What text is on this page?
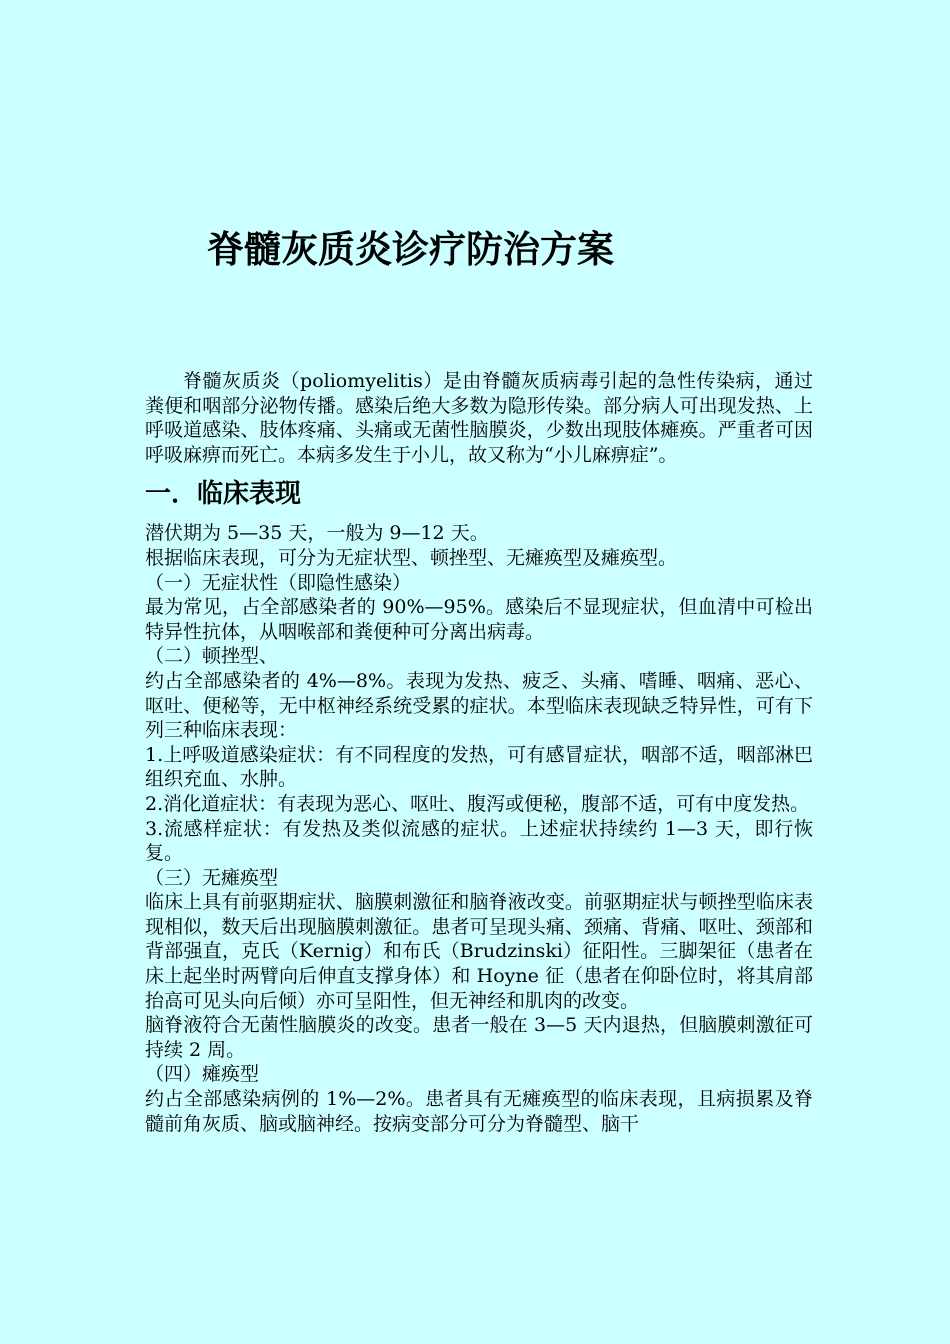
脊髓灰质炎诊疗防治方案

脊髓灰质炎（poliomyelitis）是由脊髓灰质病毒引起的急性传染病，通过粪便和咽部分泌物传播。感染后绝大多数为隐形传染。部分病人可出现发热、上呼吸道感染、肢体疼痛、头痛或无菌性脑膜炎，少数出现肢体瘫痪。严重者可因呼吸麻痹而死亡。本病多发生于小儿，故又称为“小儿麻痹症”。

一．临床表现

潜伏期为 5—35 天，一般为 9—12 天。

根据临床表现，可分为无症状型、顿挫型、无瘫痪型及瘫痪型。

（一）无症状性（即隐性感染）

最为常见，占全部感染者的 90%—95%。感染后不显现症状，但血清中可检出特异性抗体，从咽喉部和粪便种可分离出病毒。

（二）顿挫型、

约占全部感染者的 4%—8%。表现为发热、疲乏、头痛、嗜睡、咽痛、恶心、呕吐、便秘等，无中枢神经系统受累的症状。本型临床表现缺乏特异性，可有下列三种临床表现：

1.上呼吸道感染症状：有不同程度的发热，可有感冒症状，咽部不适，咽部淋巴组织充血、水肿。

2.消化道症状：有表现为恶心、呕吐、腹泻或便秘，腹部不适，可有中度发热。

3.流感样症状：有发热及类似流感的症状。上述症状持续约 1—3 天，即行恢复。

（三）无瘫痪型

临床上具有前驱期症状、脑膜刺激征和脑脊液改变。前驱期症状与顿挫型临床表现相似，数天后出现脑膜刺激征。患者可呈现头痛、颈痛、背痛、呕吐、颈部和背部强直，克氏（Kernig）和布氏（Brudzinski）征阳性。三脚架征（患者在床上起坐时两臂向后伸直支撑身体）和 Hoyne 征（患者在仰卧位时，将其肩部抬高可见头向后倾）亦可呈阳性，但无神经和肌肉的改变。

脑脊液符合无菌性脑膜炎的改变。患者一般在 3—5 天内退热，但脑膜刺激征可持续 2 周。

（四）瘫痪型

约占全部感染病例的 1%—2%。患者具有无瘫痪型的临床表现，且病损累及脊髓前角灰质、脑或脑神经。按病变部分可分为脊髓型、脑干
